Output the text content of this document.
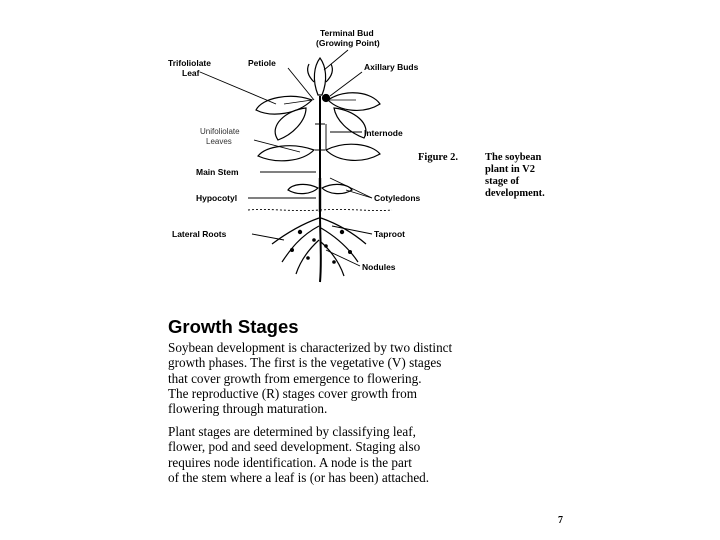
Terminal Bud (Growing Point)
Trifoliolate Leaf
Petiole	Axillary Buds
Unifoliolate Leaves
Internode
Main Stem
Hypocotyl	Cotyledons
Lateral Roots	Taproot
Nodules
Figure 2.	The soybean
plant in V2
stage of
development.
Growth Stages
Soybean development is characterized by two distinct
growth phases. The first is the vegetative (V) stages
that cover growth from emergence to flowering.
The reproductive (R) stages cover growth from
flowering through maturation.
Plant stages are determined by classifying leaf,
flower, pod and seed development. Staging also
requires node identification. A node is the part
of the stem where a leaf is (or has been) attached.
7
